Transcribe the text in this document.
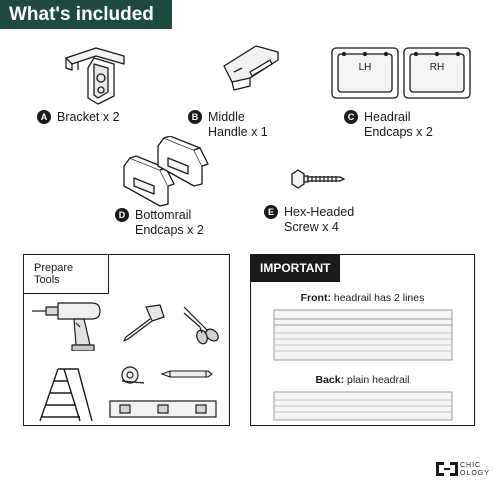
What's included
A Bracket x 2	B Middle
Handle x 1
LH	RH
C Headrail
Endcaps x 2
D Bottomrail
Endcaps x 2
E Hex-Headed
Screw x 4
Prepare Tools
IMPORTANT
Front: headrail has 2 lines
Back: plain headrail
CHIC
OLOGY
